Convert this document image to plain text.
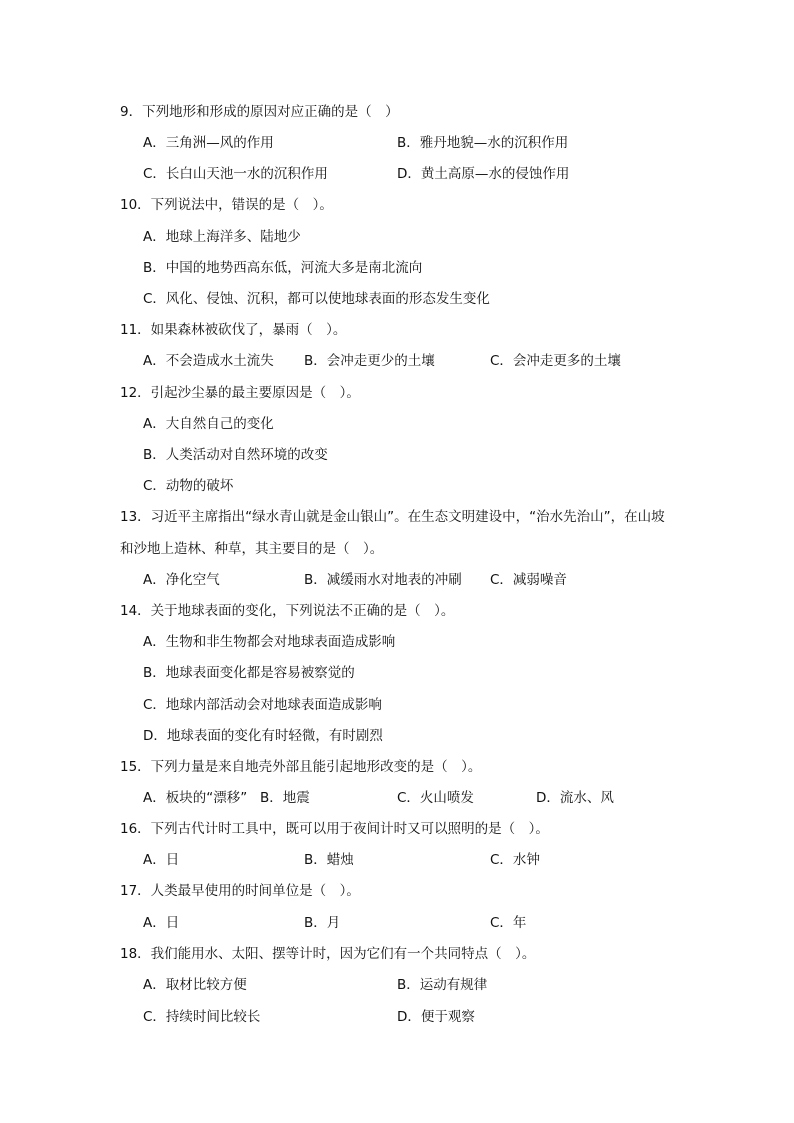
9．下列地形和形成的原因对应正确的是（　）
A．三角洲—风的作用	B．雅丹地貌—水的沉积作用
C．长白山天池一水的沉积作用	D．黄土高原—水的侵蚀作用
10．下列说法中，错误的是（　）。
A．地球上海洋多、陆地少
B．中国的地势西高东低，河流大多是南北流向
C．风化、侵蚀、沉积，都可以使地球表面的形态发生变化
11．如果森林被砍伐了，暴雨（　）。
A．不会造成水土流失 B．会冲走更少的土壤	C．会冲走更多的土壤
12．引起沙尘暴的最主要原因是（　）。
A．大自然自己的变化
B．人类活动对自然环境的改变
C．动物的破坏
13．习近平主席指出“绿水青山就是金山银山”。在生态文明建设中，“治水先治山”，在山坡
和沙地上造林、种草，其主要目的是（　）。
A．净化空气	B．减缓雨水对地表的冲刷 C．减弱噪音
14．关于地球表面的变化，下列说法不正确的是（　）。
A．生物和非生物都会对地球表面造成影响
B．地球表面变化都是容易被察觉的
C．地球内部活动会对地球表面造成影响
D．地球表面的变化有时轻微，有时剧烈
15．下列力量是来自地壳外部且能引起地形改变的是（　）。
A．板块的“漂移” B．地震	C．火山喷发	D．流水、风
16．下列古代计时工具中，既可以用于夜间计时又可以照明的是（　）。
A．日	B．蜡烛	C．水钟
17．人类最早使用的时间单位是（　）。
A．日	B．月	C．年
18．我们能用水、太阳、摆等计时，因为它们有一个共同特点（　）。
A．取材比较方便	B．运动有规律
C．持续时间比较长	D．便于观察
